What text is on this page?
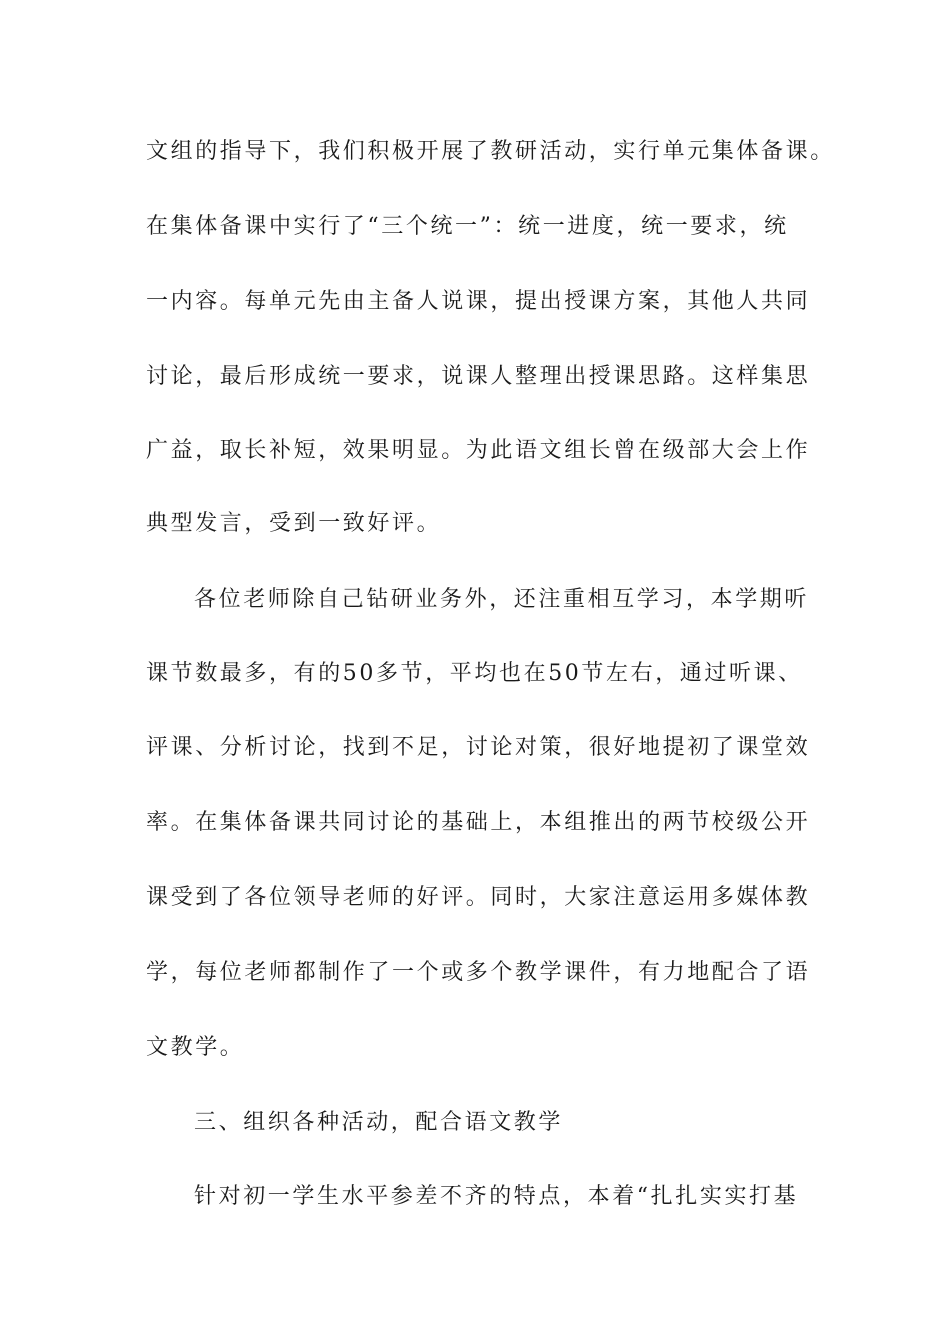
文组的指导下，我们积极开展了教研活动，实行单元集体备课。
在集体备课中实行了“三个统一”：统一进度，统一要求，统
一内容。每单元先由主备人说课，提出授课方案，其他人共同
讨论，最后形成统一要求，说课人整理出授课思路。这样集思
广益，取长补短，效果明显。为此语文组长曾在级部大会上作
典型发言，受到一致好评。
各位老师除自己钻研业务外，还注重相互学习，本学期听
课节数最多，有的50多节，平均也在50节左右，通过听课、
评课、分析讨论，找到不足，讨论对策，很好地提初了课堂效
率。在集体备课共同讨论的基础上，本组推出的两节校级公开
课受到了各位领导老师的好评。同时，大家注意运用多媒体教
学，每位老师都制作了一个或多个教学课件，有力地配合了语
文教学。
三、组织各种活动，配合语文教学
针对初一学生水平参差不齐的特点，本着“扎扎实实打基
